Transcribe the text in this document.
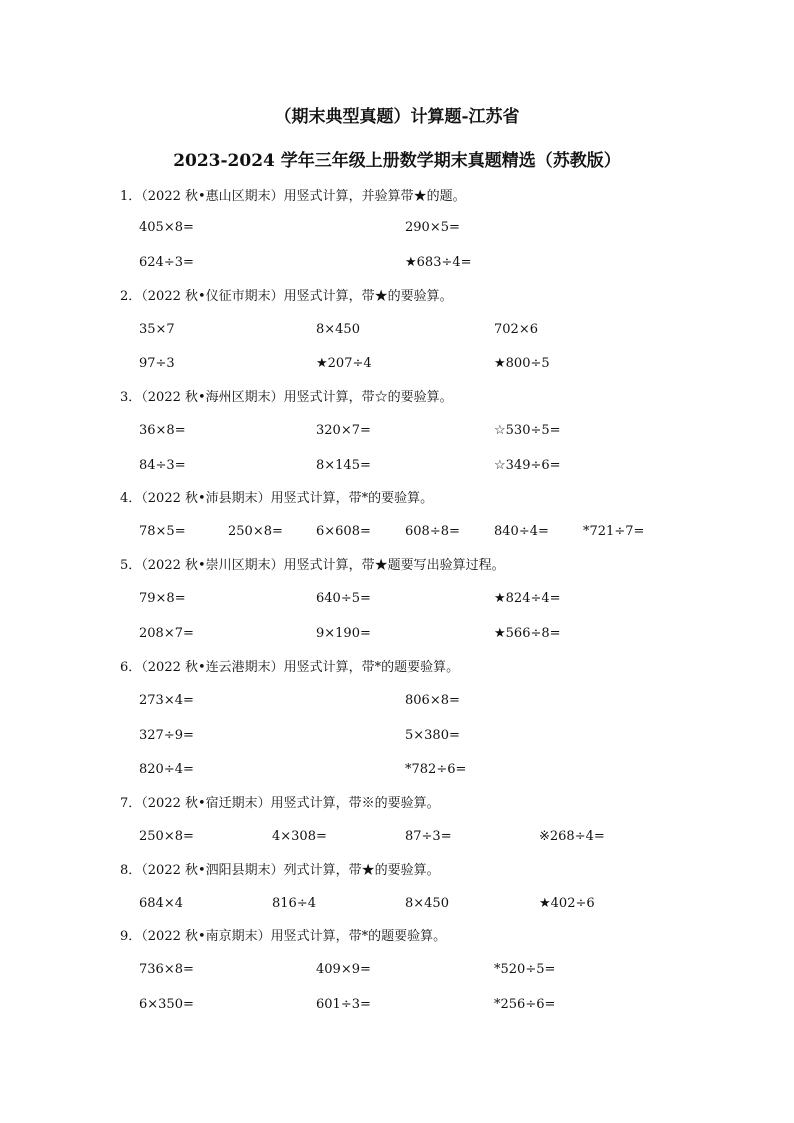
（期末典型真题）计算题-江苏省
2023-2024 学年三年级上册数学期末真题精选（苏教版）
1．（2022 秋•惠山区期末）用竖式计算，并验算带★的题。
405×8=	290×5=
624÷3=	★683÷4=
2．（2022 秋•仪征市期末）用竖式计算，带★的要验算。
35×7	8×450	702×6
97÷3	★207÷4	★800÷5
3．（2022 秋•海州区期末）用竖式计算，带☆的要验算。
36×8=	320×7=	☆530÷5=
84÷3=	8×145=	☆349÷6=
4．（2022 秋•沛县期末）用竖式计算，带*的要验算。
78×5=	250×8=	6×608=	608÷8=	840÷4=	*721÷7=
5．（2022 秋•崇川区期末）用竖式计算，带★题要写出验算过程。
79×8=	640÷5=	★824÷4=
208×7=	9×190=	★566÷8=
6．（2022 秋•连云港期末）用竖式计算，带*的题要验算。
273×4=	806×8=
327÷9=	5×380=
820÷4=	*782÷6=
7．（2022 秋•宿迁期末）用竖式计算，带※的要验算。
250×8=	4×308=	87÷3=	※268÷4=
8．（2022 秋•泗阳县期末）列式计算，带★的要验算。
684×4	816÷4	8×450	★402÷6
9．（2022 秋•南京期末）用竖式计算，带*的题要验算。
736×8=	409×9=	*520÷5=
6×350=	601÷3=	*256÷6=
